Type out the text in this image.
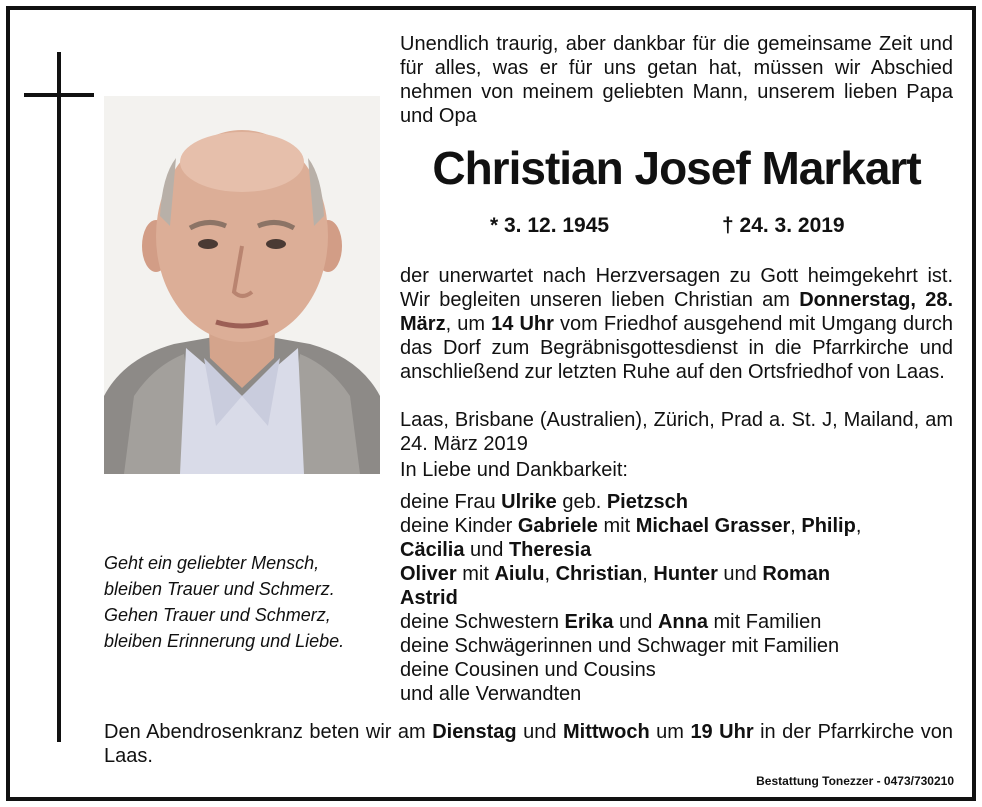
Geht ein geliebter Mensch,
bleiben Trauer und Schmerz.
Gehen Trauer und Schmerz,
bleiben Erinnerung und Liebe.
Unendlich traurig, aber dankbar für die gemeinsame Zeit und für alles, was er für uns getan hat, müssen wir Abschied nehmen von meinem geliebten Mann, unserem lieben Papa und Opa
Christian Josef Markart
* 3. 12. 1945	† 24. 3. 2019
der unerwartet nach Herzversagen zu Gott heimgekehrt ist. Wir begleiten unseren lieben Christian am Donnerstag, 28. März, um 14 Uhr vom Friedhof ausgehend mit Umgang durch das Dorf zum Begräbnisgottesdienst in die Pfarrkirche und anschließend zur letzten Ruhe auf den Ortsfriedhof von Laas.
Laas, Brisbane (Australien), Zürich, Prad a. St. J, Mailand, am 24. März 2019
In Liebe und Dankbarkeit:
deine Frau Ulrike geb. Pietzsch
deine Kinder Gabriele mit Michael Grasser, Philip,
Cäcilia und Theresia
Oliver mit Aiulu, Christian, Hunter und Roman
Astrid
deine Schwestern Erika und Anna mit Familien
deine Schwägerinnen und Schwager mit Familien
deine Cousinen und Cousins
und alle Verwandten
Den Abendrosenkranz beten wir am Dienstag und Mittwoch um 19 Uhr in der Pfarrkirche von Laas.
Bestattung Tonezzer - 0473/730210
